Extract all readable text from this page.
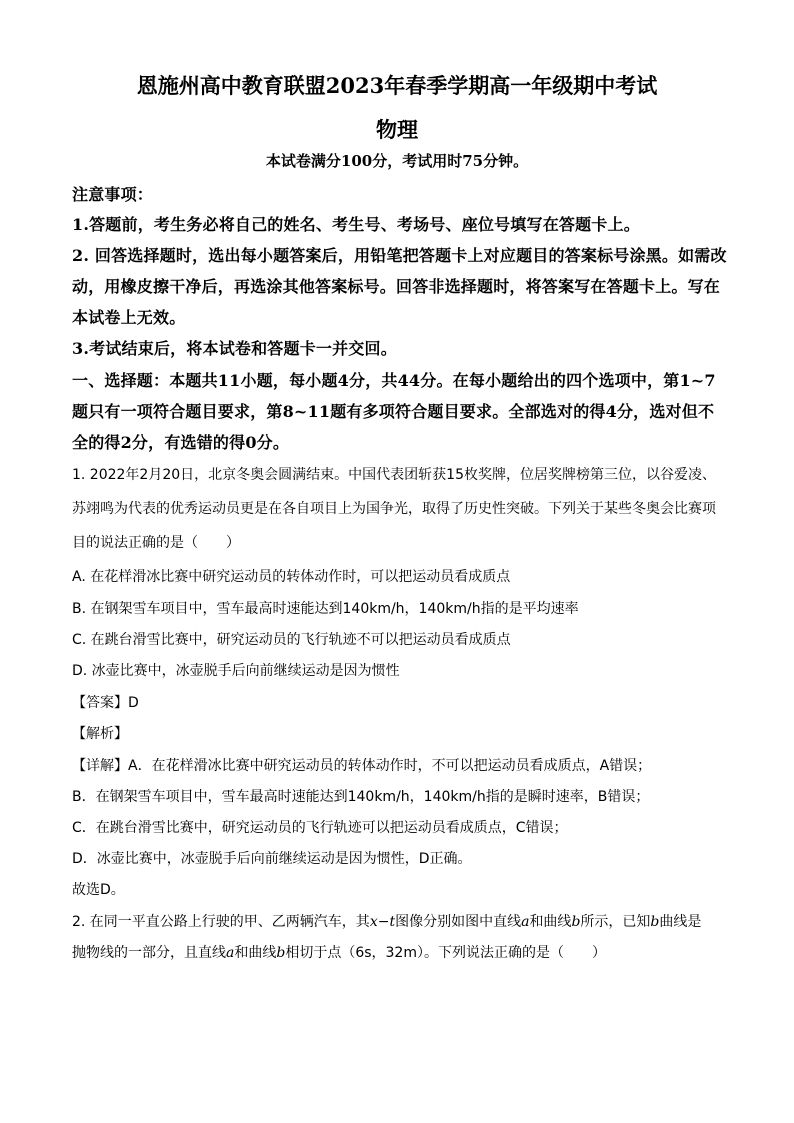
恩施州高中教育联盟2023年春季学期高一年级期中考试
物理
本试卷满分100分，考试用时75分钟。
注意事项：
1.答题前，考生务必将自己的姓名、考生号、考场号、座位号填写在答题卡上。
2. 回答选择题时，选出每小题答案后，用铅笔把答题卡上对应题目的答案标号涂黑。如需改
动，用橡皮擦干净后，再选涂其他答案标号。回答非选择题时，将答案写在答题卡上。写在
本试卷上无效。
3.考试结束后，将本试卷和答题卡一并交回。
一、选择题：本题共11小题，每小题4分，共44分。在每小题给出的四个选项中，第1~7
题只有一项符合题目要求，第8~11题有多项符合题目要求。全部选对的得4分，选对但不
全的得2分，有选错的得0分。
1. 2022年2月20日，北京冬奥会圆满结束。中国代表团斩获15枚奖牌，位居奖牌榜第三位，以谷爱凌、
苏翊鸣为代表的优秀运动员更是在各自项目上为国争光，取得了历史性突破。下列关于某些冬奥会比赛项
目的说法正确的是（　　）
A. 在花样滑冰比赛中研究运动员的转体动作时，可以把运动员看成质点
B. 在钢架雪车项目中，雪车最高时速能达到140km/h，140km/h指的是平均速率
C. 在跳台滑雪比赛中，研究运动员的飞行轨迹不可以把运动员看成质点
D. 冰壶比赛中，冰壶脱手后向前继续运动是因为惯性
【答案】D
【解析】
【详解】A．在花样滑冰比赛中研究运动员的转体动作时，不可以把运动员看成质点，A错误；
B．在钢架雪车项目中，雪车最高时速能达到140km/h，140km/h指的是瞬时速率，B错误；
C．在跳台滑雪比赛中，研究运动员的飞行轨迹可以把运动员看成质点，C错误；
D．冰壶比赛中，冰壶脱手后向前继续运动是因为惯性，D正确。
故选D。
2. 在同一平直公路上行驶的甲、乙两辆汽车，其x−t图像分别如图中直线a和曲线b所示，已知b曲线是
抛物线的一部分，且直线a和曲线b相切于点（6s，32m）。下列说法正确的是（　　）
